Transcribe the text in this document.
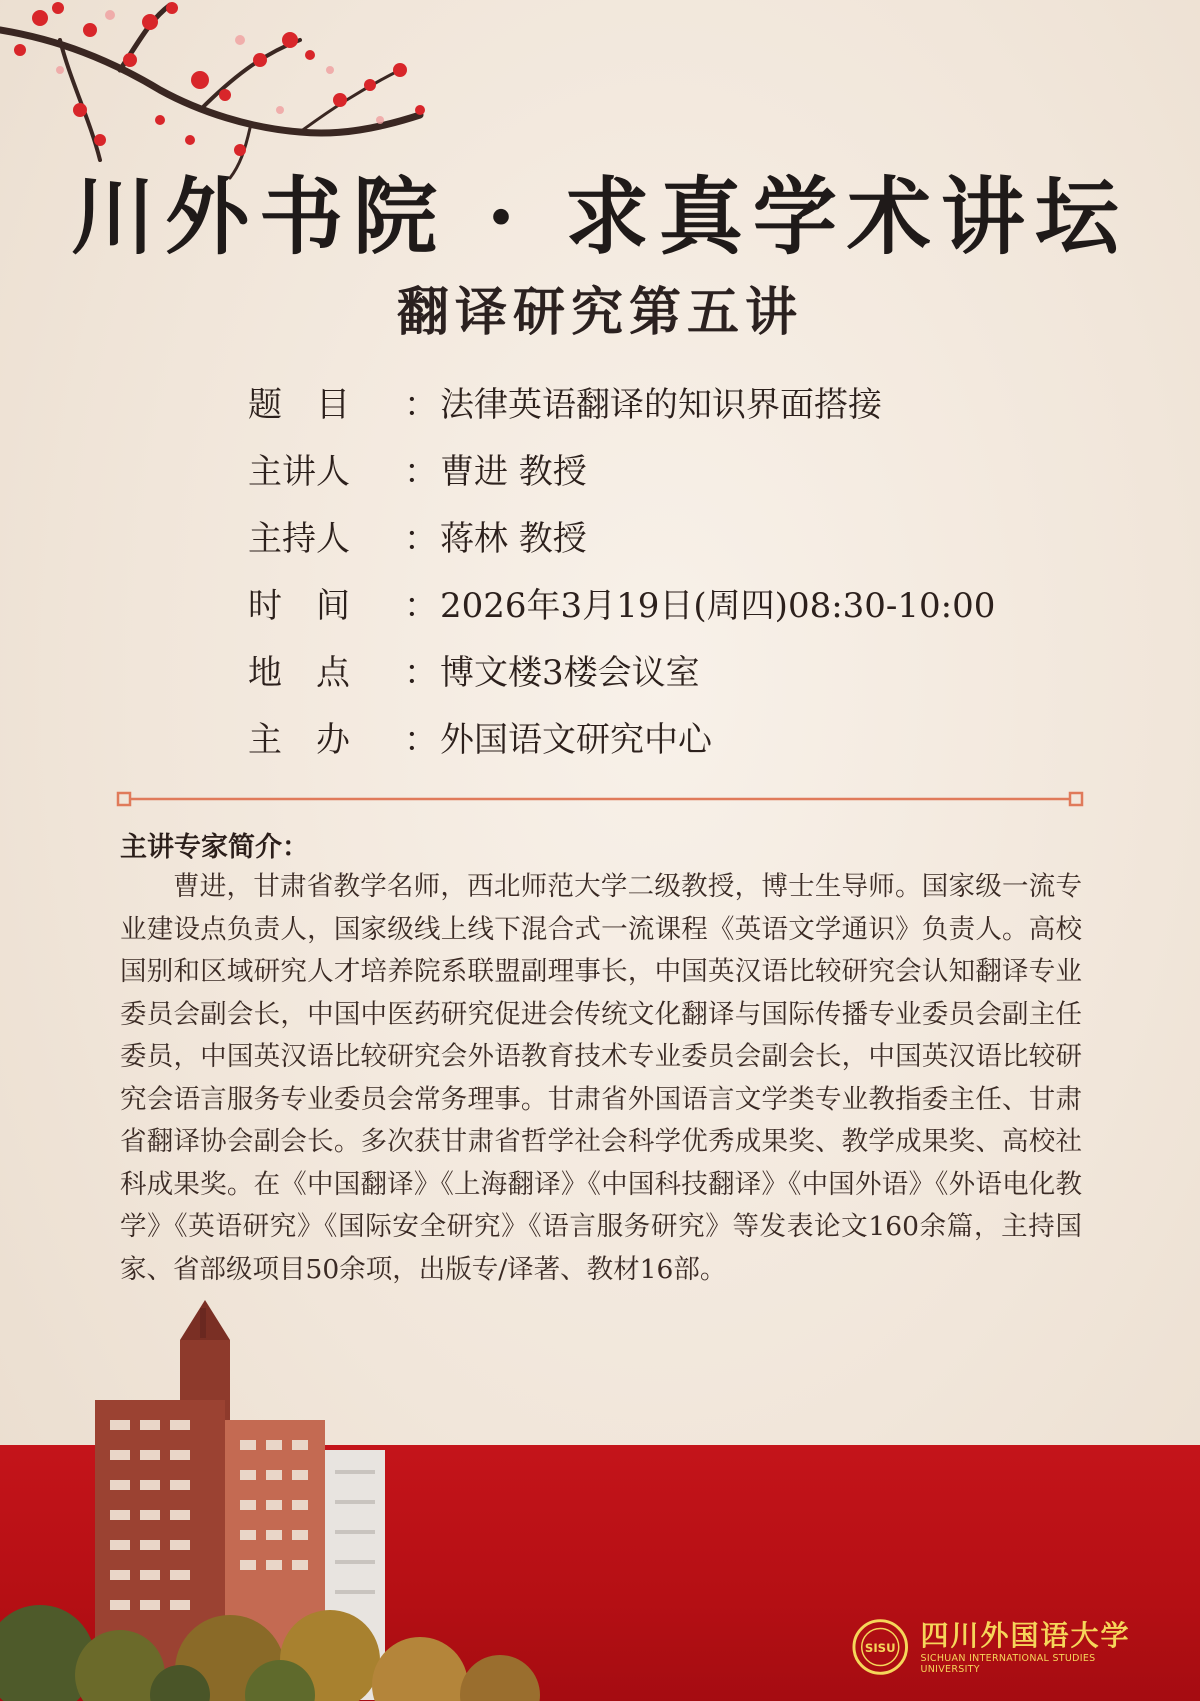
川外书院 · 求真学术讲坛
翻译研究第五讲
题　目	： 法律英语翻译的知识界面搭接
主讲人	： 曹进 教授
主持人	： 蒋林 教授
时　间	： 2026年3月19日(周四)08:30-10:00
地　点	： 博文楼3楼会议室
主　办	： 外国语文研究中心
主讲专家简介：

曹进，甘肃省教学名师，西北师范大学二级教授，博士生导师。国家级一流专业建设点负责人，国家级线上线下混合式一流课程《英语文学通识》负责人。高校国别和区域研究人才培养院系联盟副理事长，中国英汉语比较研究会认知翻译专业委员会副会长，中国中医药研究促进会传统文化翻译与国际传播专业委员会副主任委员，中国英汉语比较研究会外语教育技术专业委员会副会长，中国英汉语比较研究会语言服务专业委员会常务理事。甘肃省外国语言文学类专业教指委主任、甘肃省翻译协会副会长。多次获甘肃省哲学社会科学优秀成果奖、教学成果奖、高校社科成果奖。在《中国翻译》《上海翻译》《中国科技翻译》《中国外语》《外语电化教学》《英语研究》《国际安全研究》《语言服务研究》等发表论文160余篇，主持国家、省部级项目50余项，出版专/译著、教材16部。

SISU 四川外国语大学
SICHUAN INTERNATIONAL STUDIES UNIVERSITY
